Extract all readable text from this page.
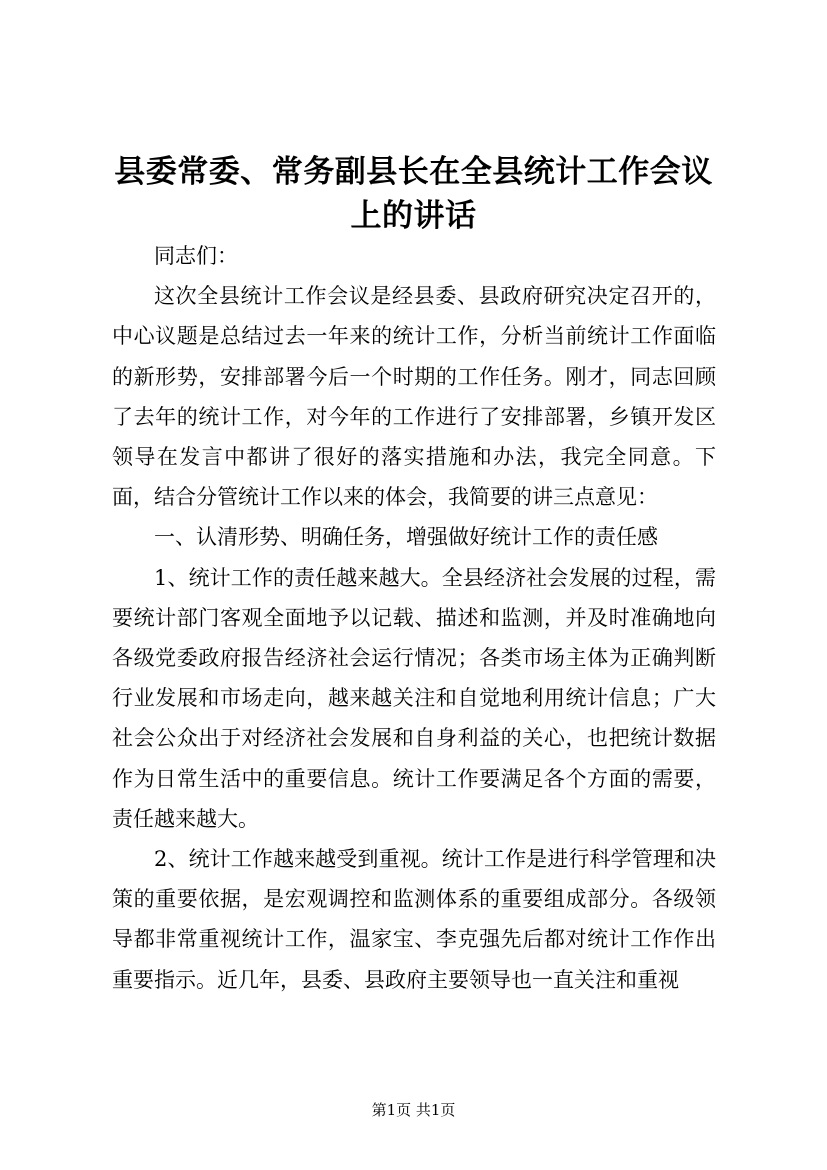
县委常委、常务副县长在全县统计工作会议上的讲话

同志们：

这次全县统计工作会议是经县委、县政府研究决定召开的，中心议题是总结过去一年来的统计工作，分析当前统计工作面临的新形势，安排部署今后一个时期的工作任务。刚才，同志回顾了去年的统计工作，对今年的工作进行了安排部署，乡镇开发区领导在发言中都讲了很好的落实措施和办法，我完全同意。下面，结合分管统计工作以来的体会，我简要的讲三点意见：

一、认清形势、明确任务，增强做好统计工作的责任感

1、统计工作的责任越来越大。全县经济社会发展的过程，需要统计部门客观全面地予以记载、描述和监测，并及时准确地向各级党委政府报告经济社会运行情况；各类市场主体为正确判断行业发展和市场走向，越来越关注和自觉地利用统计信息；广大社会公众出于对经济社会发展和自身利益的关心，也把统计数据作为日常生活中的重要信息。统计工作要满足各个方面的需要，责任越来越大。

2、统计工作越来越受到重视。统计工作是进行科学管理和决策的重要依据，是宏观调控和监测体系的重要组成部分。各级领导都非常重视统计工作，温家宝、李克强先后都对统计工作作出重要指示。近几年，县委、县政府主要领导也一直关注和重视

第1页 共1页
